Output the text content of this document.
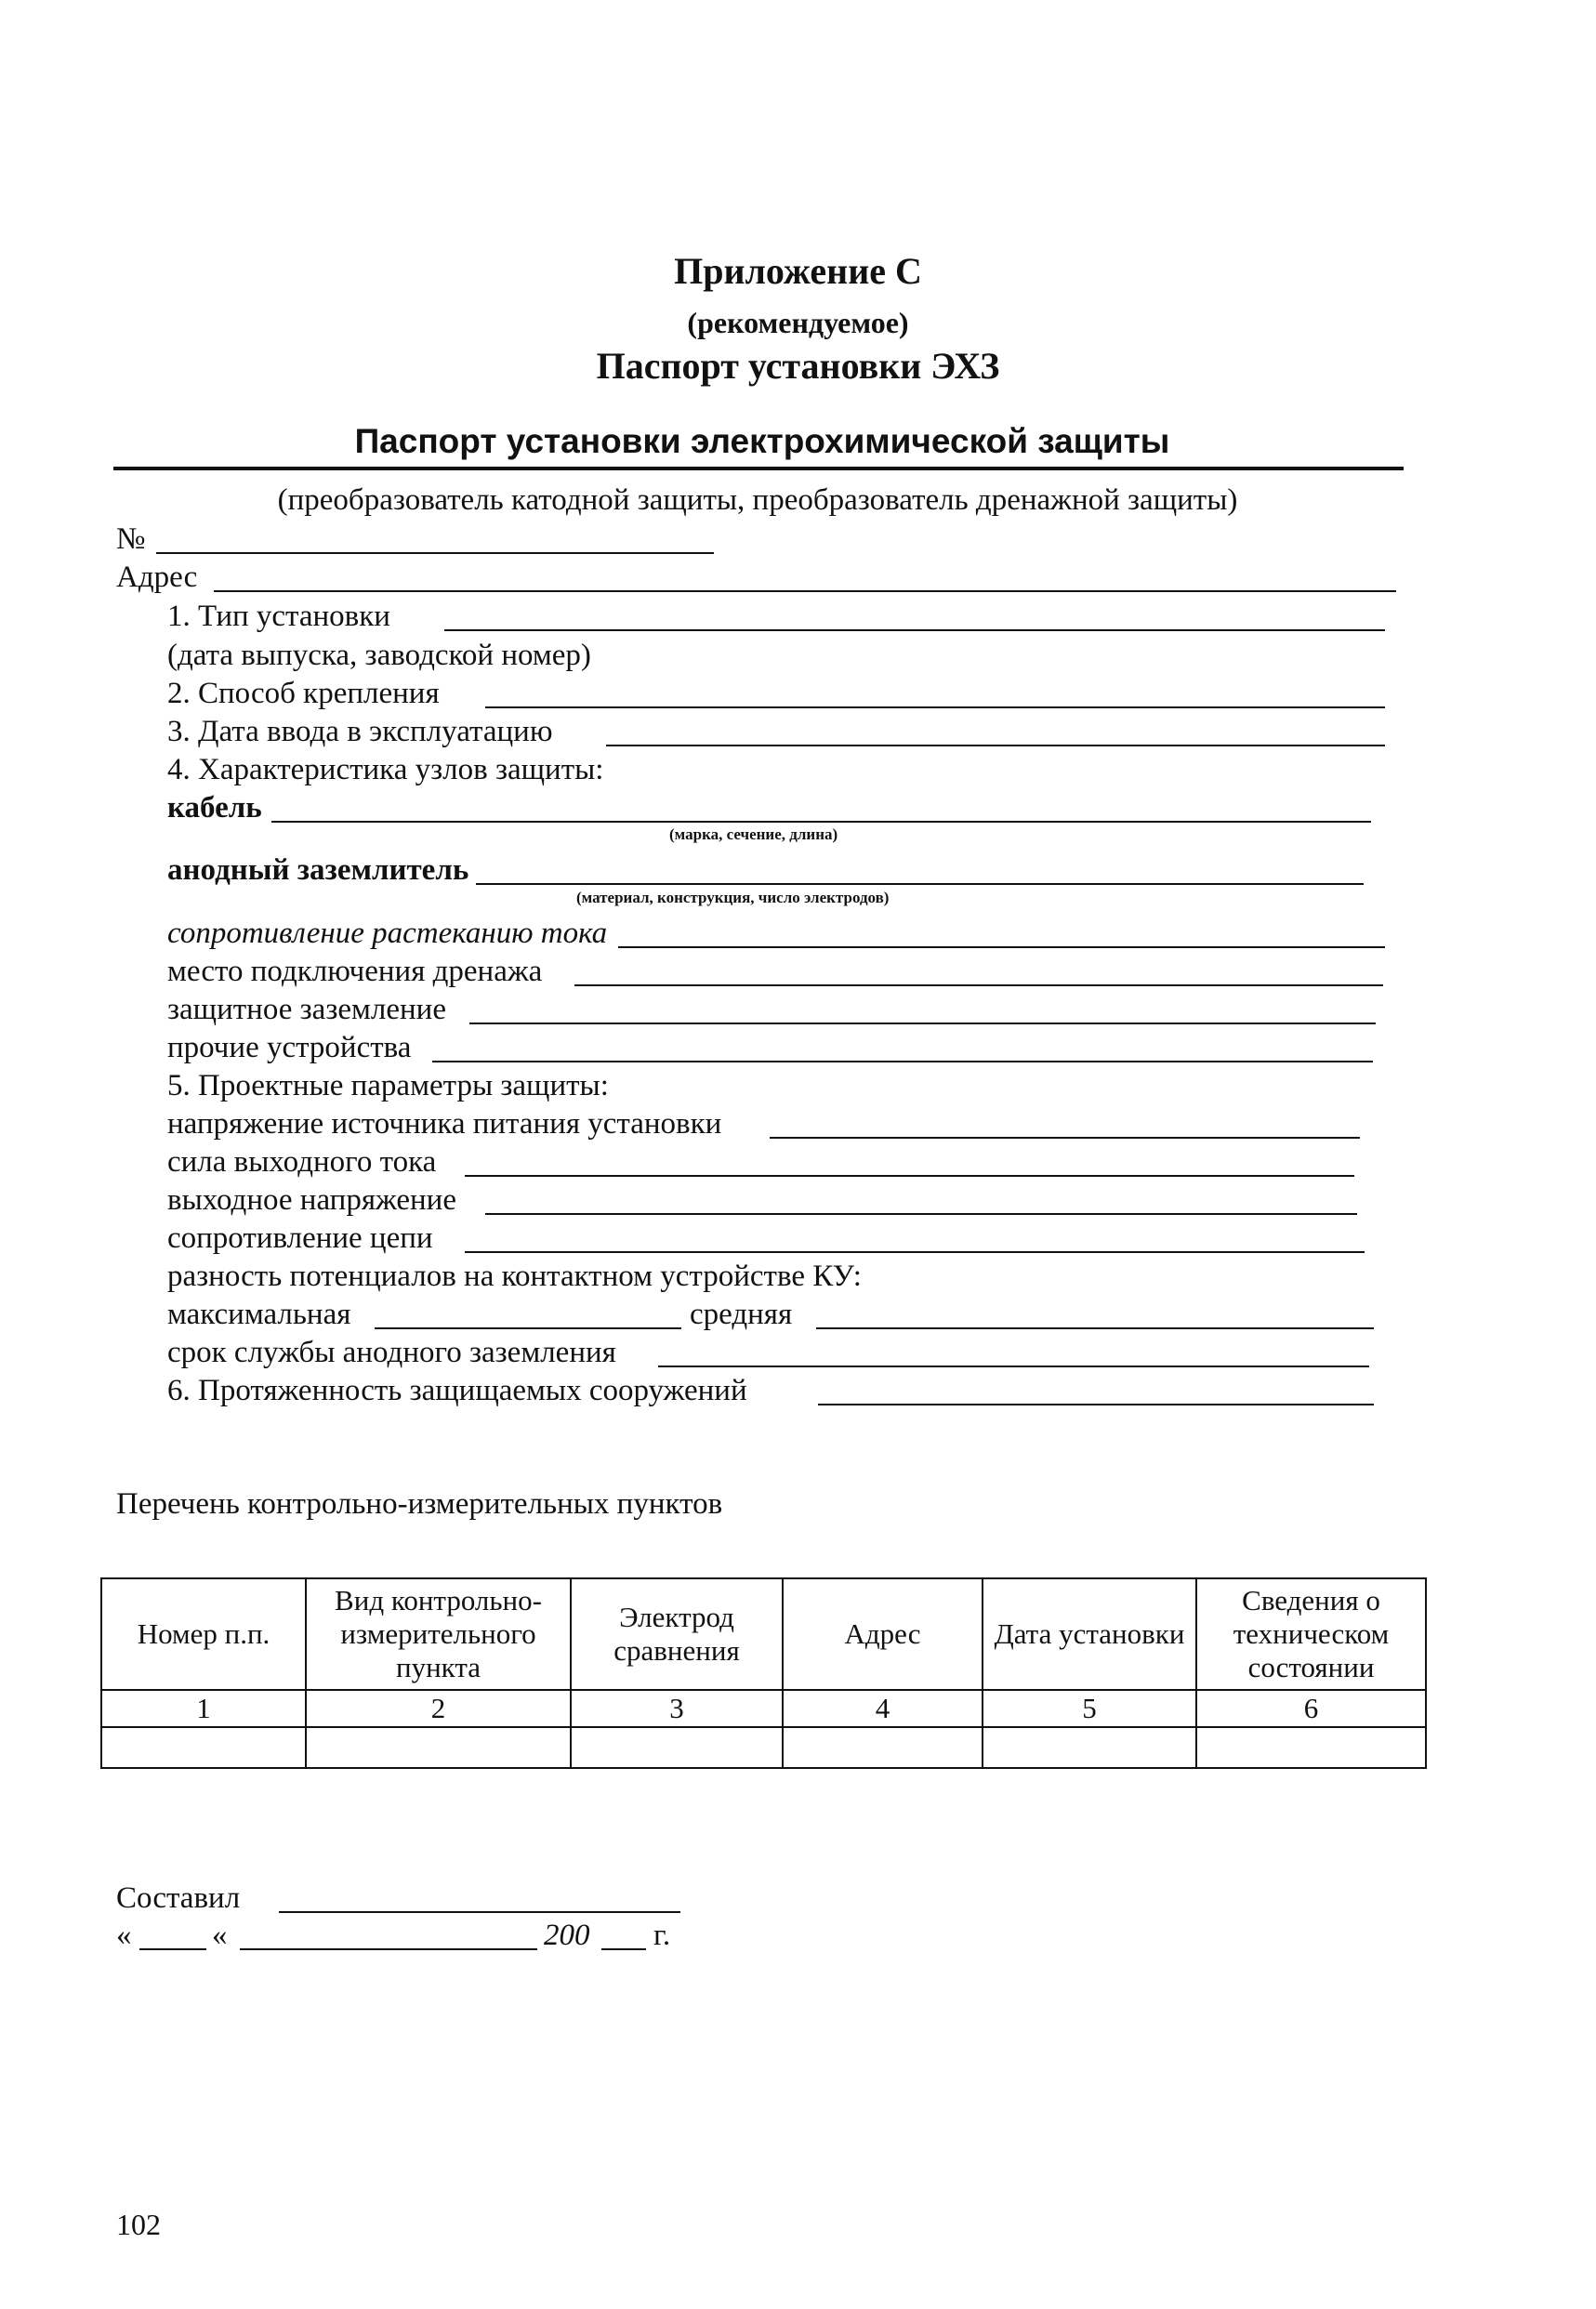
Приложение С
(рекомендуемое)
Паспорт установки ЭХЗ
Паспорт установки электрохимической защиты
(преобразователь катодной защиты, преобразователь дренажной защиты)
№
Адрес
1. Тип установки
(дата выпуска, заводской номер)
2. Способ крепления
3. Дата ввода в эксплуатацию
4. Характеристика узлов защиты:
кабель
(марка, сечение, длина)
анодный заземлитель
(материал, конструкция, число электродов)
сопротивление растеканию тока
место подключения дренажа
защитное заземление
прочие устройства
5. Проектные параметры защиты:
напряжение источника питания установки
сила выходного тока
выходное напряжение
сопротивление цепи
разность потенциалов на контактном устройстве КУ:
максимальная	средняя
срок службы анодного заземления
6. Протяженность защищаемых сооружений
Перечень контрольно-измерительных пунктов
Номер п.п.	Вид контрольно-измерительного пункта	Электрод сравнения	Адрес	Дата установки	Сведения о техническом состоянии
1	2	3	4	5	6

Составил
«	«	200 г.
102
